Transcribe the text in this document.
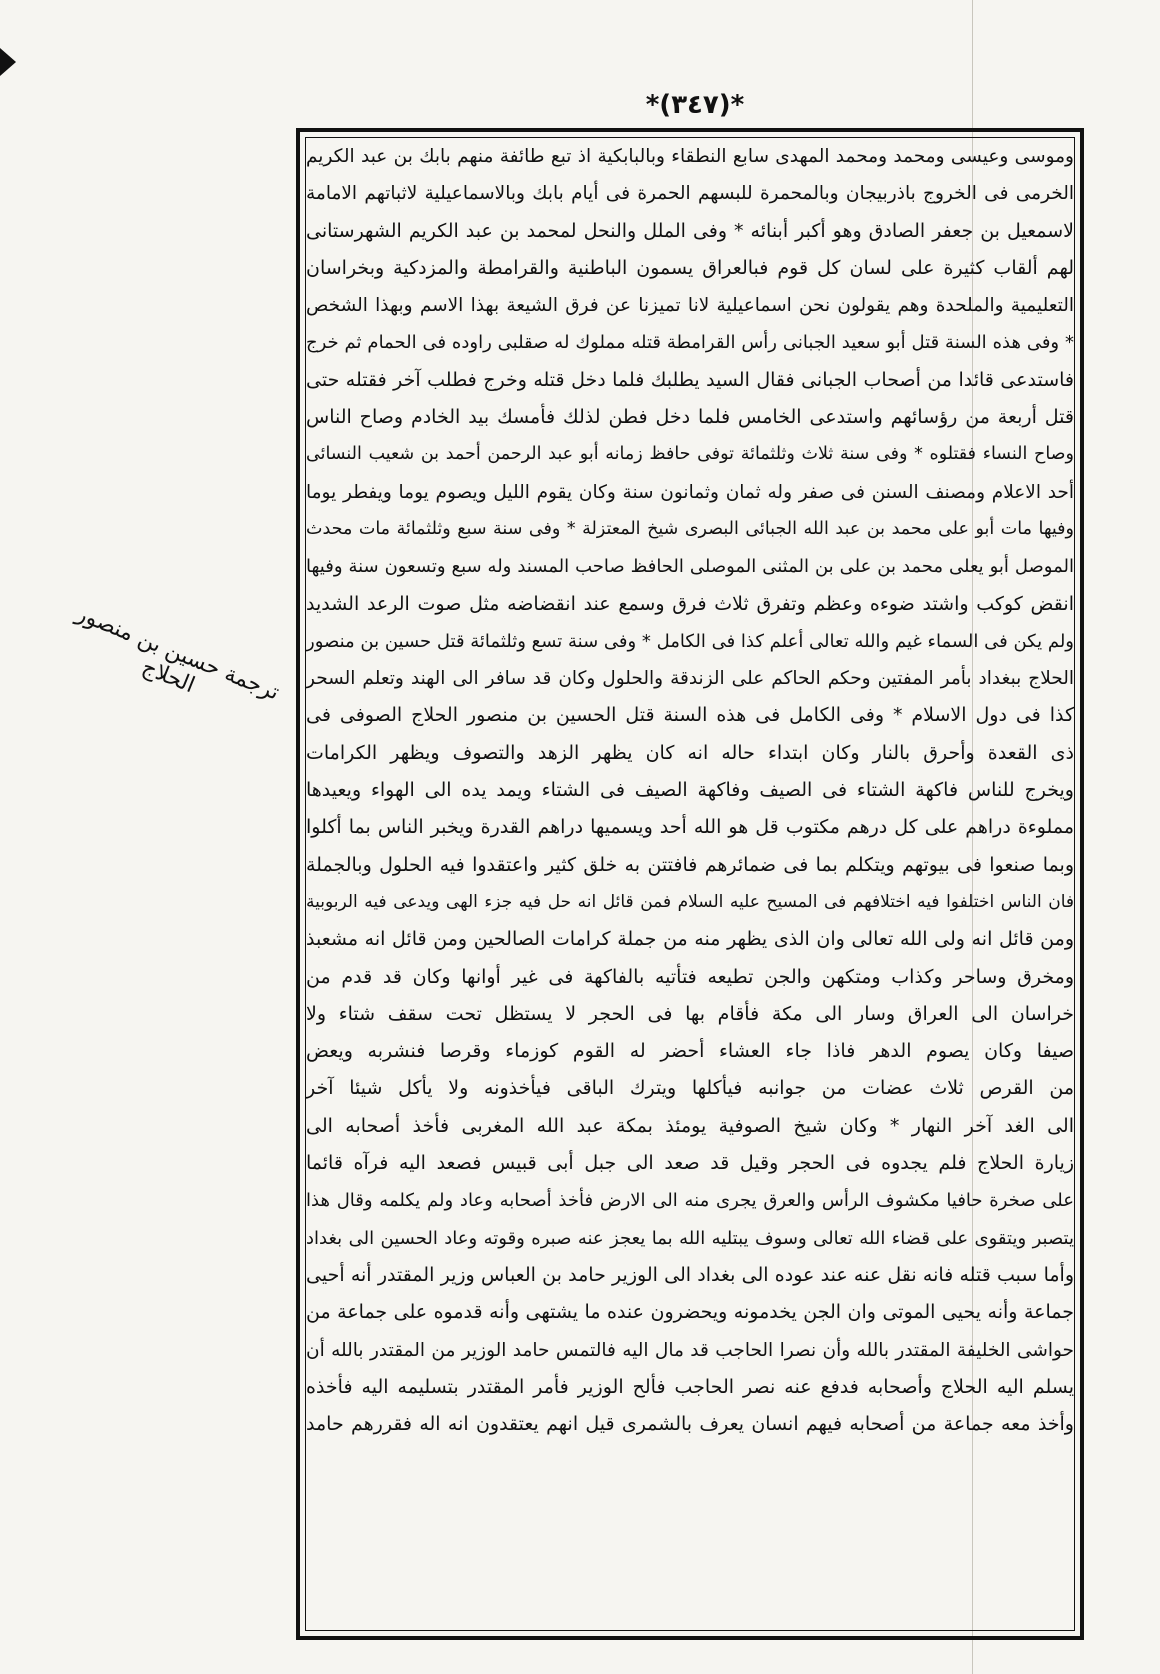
*(٣٤٧)*
وموسى وعيسى ومحمد ومحمد المهدى سابع النطقاء وبالبابكية اذ تبع طائفة منهم بابك بن عبد الكريم
الخرمى فى الخروج باذربيجان وبالمحمرة للبسهم الحمرة فى أيام بابك وبالاسماعيلية لاثباتهم الامامة
لاسمعيل بن جعفر الصادق وهو أكبر أبنائه * وفى الملل والنحل لمحمد بن عبد الكريم الشهرستانى
لهم ألقاب كثيرة على لسان كل قوم فبالعراق يسمون الباطنية والقرامطة والمزدكية وبخراسان
التعليمية والملحدة وهم يقولون نحن اسماعيلية لانا تميزنا عن فرق الشيعة بهذا الاسم وبهذا الشخص
* وفى هذه السنة قتل أبو سعيد الجبانى رأس القرامطة قتله مملوك له صقلبى راوده فى الحمام ثم خرج
فاستدعى قائدا من أصحاب الجبانى فقال السيد يطلبك فلما دخل قتله وخرج فطلب آخر فقتله حتى
قتل أربعة من رؤسائهم واستدعى الخامس فلما دخل فطن لذلك فأمسك بيد الخادم وصاح الناس
وصاح النساء فقتلوه * وفى سنة ثلاث وثلثمائة توفى حافظ زمانه أبو عبد الرحمن أحمد بن شعيب النسائى
أحد الاعلام ومصنف السنن فى صفر وله ثمان وثمانون سنة وكان يقوم الليل ويصوم يوما ويفطر يوما
وفيها مات أبو على محمد بن عبد الله الجبائى البصرى شيخ المعتزلة * وفى سنة سبع وثلثمائة مات محدث
الموصل أبو يعلى محمد بن على بن المثنى الموصلى الحافظ صاحب المسند وله سبع وتسعون سنة وفيها
انقض كوكب واشتد ضوءه وعظم وتفرق ثلاث فرق وسمع عند انقضاضه مثل صوت الرعد الشديد
ولم يكن فى السماء غيم والله تعالى أعلم كذا فى الكامل * وفى سنة تسع وثلثمائة قتل حسين بن منصور
الحلاج ببغداد بأمر المفتين وحكم الحاكم على الزندقة والحلول وكان قد سافر الى الهند وتعلم السحر
كذا فى دول الاسلام * وفى الكامل فى هذه السنة قتل الحسين بن منصور الحلاج الصوفى فى
ذى القعدة وأحرق بالنار وكان ابتداء حاله انه كان يظهر الزهد والتصوف ويظهر الكرامات
ويخرج للناس فاكهة الشتاء فى الصيف وفاكهة الصيف فى الشتاء ويمد يده الى الهواء ويعيدها
مملوءة دراهم على كل درهم مكتوب قل هو الله أحد ويسميها دراهم القدرة ويخبر الناس بما أكلوا
وبما صنعوا فى بيوتهم ويتكلم بما فى ضمائرهم فافتتن به خلق كثير واعتقدوا فيه الحلول وبالجملة
فان الناس اختلفوا فيه اختلافهم فى المسيح عليه السلام فمن قائل انه حل فيه جزء الهى ويدعى فيه الربوبية
ومن قائل انه ولى الله تعالى وان الذى يظهر منه من جملة كرامات الصالحين ومن قائل انه مشعبذ
ومخرق وساحر وكذاب ومتكهن والجن تطيعه فتأتيه بالفاكهة فى غير أوانها وكان قد قدم من
خراسان الى العراق وسار الى مكة فأقام بها فى الحجر لا يستظل تحت سقف شتاء ولا
صيفا وكان يصوم الدهر فاذا جاء العشاء أحضر له القوم كوزماء وقرصا فنشربه ويعض
من القرص ثلاث عضات من جوانبه فيأكلها ويترك الباقى فيأخذونه ولا يأكل شيئا آخر
الى الغد آخر النهار * وكان شيخ الصوفية يومئذ بمكة عبد الله المغربى فأخذ أصحابه الى
زيارة الحلاج فلم يجدوه فى الحجر وقيل قد صعد الى جبل أبى قبيس فصعد اليه فرآه قائما
على صخرة حافيا مكشوف الرأس والعرق يجرى منه الى الارض فأخذ أصحابه وعاد ولم يكلمه وقال هذا
يتصبر ويتقوى على قضاء الله تعالى وسوف يبتليه الله بما يعجز عنه صبره وقوته وعاد الحسين الى بغداد
وأما سبب قتله فانه نقل عنه عند عوده الى بغداد الى الوزير حامد بن العباس وزير المقتدر أنه أحيى
جماعة وأنه يحيى الموتى وان الجن يخدمونه ويحضرون عنده ما يشتهى وأنه قدموه على جماعة من
حواشى الخليفة المقتدر بالله وأن نصرا الحاجب قد مال اليه فالتمس حامد الوزير من المقتدر بالله أن
يسلم اليه الحلاج وأصحابه فدفع عنه نصر الحاجب فألح الوزير فأمر المقتدر بتسليمه اليه فأخذه
وأخذ معه جماعة من أصحابه فيهم انسان يعرف بالشمرى قيل انهم يعتقدون انه اله فقررهم حامد
ترجمة حسين بن منصور الحلاج
